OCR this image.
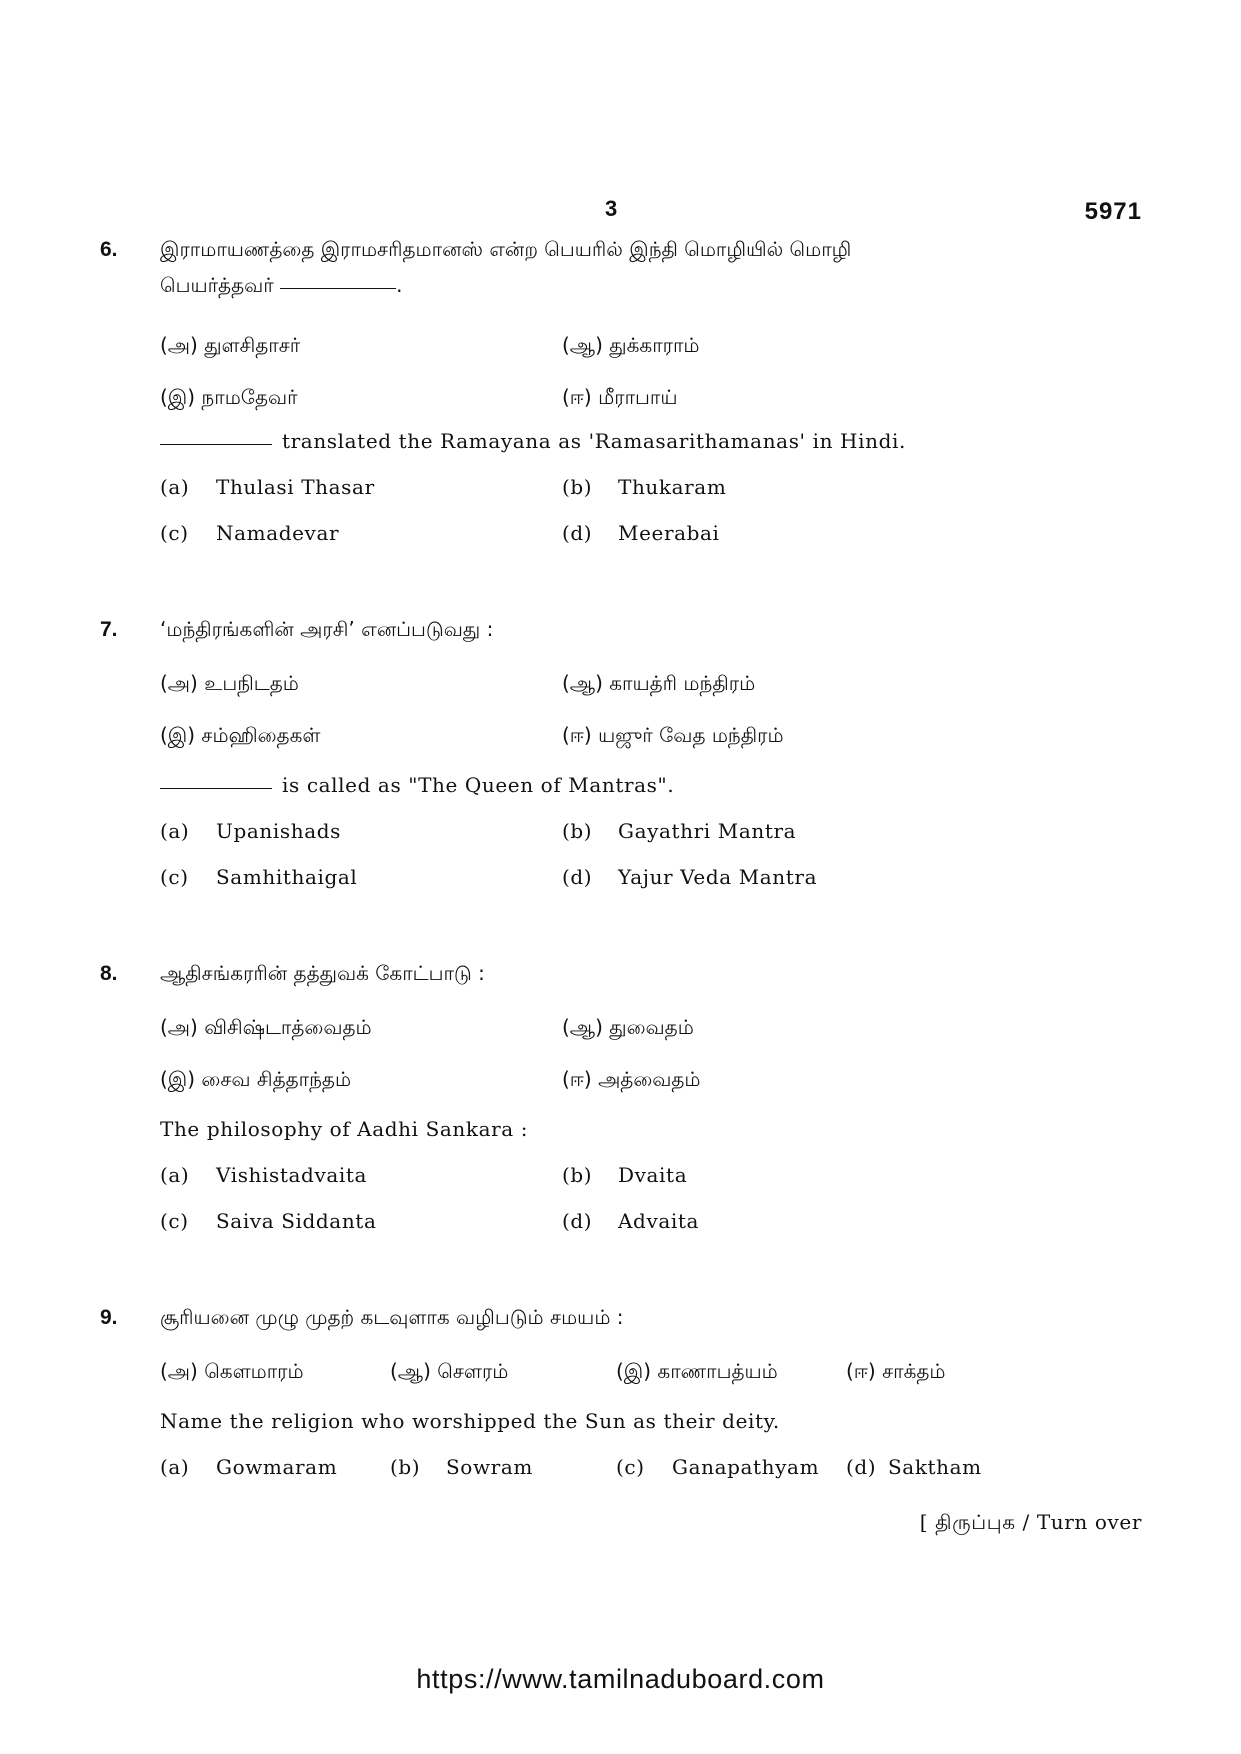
3	5971
6. இராமாயணத்தை இராமசரிதமானஸ் என்ற பெயரில் இந்தி மொழியில் மொழி
பெயர்த்தவர்	.
(அ) துளசிதாசர்	(ஆ) துக்காராம்
(இ) நாமதேவர்	(ஈ) மீராபாய்
translated the Ramayana as 'Ramasarithamanas' in Hindi.
(a) Thulasi Thasar	(b) Thukaram
(c) Namadevar	(d) Meerabai
7. ‘மந்திரங்களின் அரசி’ எனப்படுவது :
(அ) உபநிடதம்	(ஆ) காயத்ரி மந்திரம்
(இ) சம்ஹிதைகள்	(ஈ) யஜுர் வேத மந்திரம்
is called as "The Queen of Mantras".
(a) Upanishads	(b) Gayathri Mantra
(c) Samhithaigal	(d) Yajur Veda Mantra
8. ஆதிசங்கரரின் தத்துவக் கோட்பாடு :
(அ) விசிஷ்டாத்வைதம்	(ஆ) துவைதம்
(இ) சைவ சித்தாந்தம்	(ஈ) அத்வைதம்
The philosophy of Aadhi Sankara :
(a) Vishistadvaita	(b) Dvaita
(c) Saiva Siddanta	(d) Advaita
9. சூரியனை முழு முதற் கடவுளாக வழிபடும் சமயம் :
(அ) கௌமாரம்	(ஆ) சௌரம்	(இ) காணாபத்யம்	(ஈ) சாக்தம்
Name the religion who worshipped the Sun as their deity.
(a) Gowmaram	(b) Sowram	(c) Ganapathyam (d) Saktham
[ திருப்புக / Turn over
https://www.tamilnaduboard.com
